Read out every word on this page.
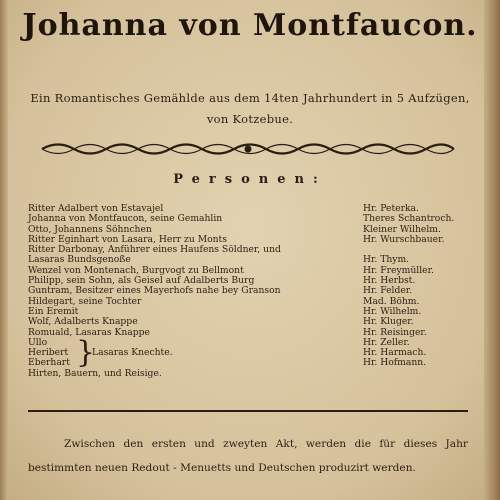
Johanna von Montfaucon.
Ein Romantisches Gemählde aus dem 14ten Jahrhundert in 5 Aufzügen, von Kotzebue.
Personen:
Ritter Adalbert von Estavajel	Hr. Peterka.
Johanna von Montfaucon, seine Gemahlin	Theres Schantroch.
Otto, Johannens Söhnchen	Kleiner Wilhelm.
Ritter Eginhart von Lasara, Herr zu Monts	Hr. Wurschbauer.
Ritter Darbonay, Anführer eines Haufens Söldner, und
Lasaras Bundsgenoße	Hr. Thym.
Wenzel von Montenach, Burgvogt zu Bellmont	Hr. Freymüller.
Philipp, sein Sohn, als Geisel auf Adalberts Burg	Hr. Herbst.
Guntram, Besitzer eines Mayerhofs nahe bey Granson	Hr. Felder.
Hildegart, seine Tochter	Mad. Böhm.
Ein Eremit	Hr. Wilhelm.
Wolf, Adalberts Knappe	Hr. Kluger.
Romuald, Lasaras Knappe	Hr. Reisinger.
Ullo	Hr. Zeller.
}
Lasaras Knechte.
Heribert	Hr. Harmach.
Eberhart	Hr. Hofmann.
Hirten, Bauern, und Reisige.
Zwischen den ersten und zweyten Akt, werden die für dieses Jahr bestimmten neuen Redout - Menuetts und Deutschen produzirt werden.
